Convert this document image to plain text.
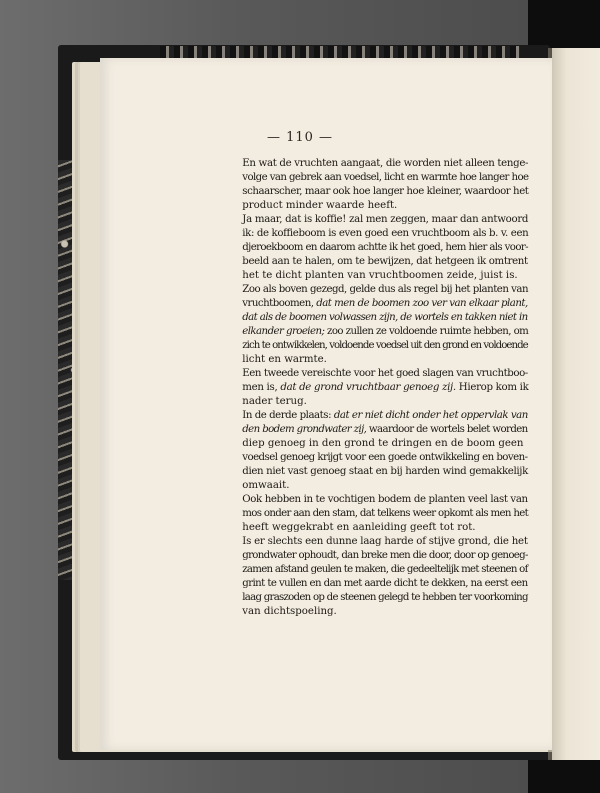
— 110 —

En wat de vruchten aangaat, die worden niet alleen tenge-
volge van gebrek aan voedsel, licht en warmte hoe langer hoe
schaarscher, maar ook hoe langer hoe kleiner, waardoor het
product minder waarde heeft.

Ja maar, dat is koffie! zal men zeggen, maar dan antwoord
ik: de koffieboom is even goed een vruchtboom als b. v. een
djeroekboom en daarom achtte ik het goed, hem hier als voor-
beeld aan te halen, om te bewijzen, dat hetgeen ik omtrent
het te dicht planten van vruchtboomen zeide, juist is.

Zoo als boven gezegd, gelde dus als regel bij het planten van
vruchtboomen, dat men de boomen zoo ver van elkaar plant,
dat als de boomen volwassen zijn, de wortels en takken niet in
elkander groeien; zoo zullen ze voldoende ruimte hebben, om
zich te ontwikkelen, voldoende voedsel uit den grond en voldoende
licht en warmte.

Een tweede vereischte voor het goed slagen van vruchtboo-
men is, dat de grond vruchtbaar genoeg zij. Hierop kom ik
nader terug.

In de derde plaats: dat er niet dicht onder het oppervlak van
den bodem grondwater zij, waardoor de wortels belet worden
diep genoeg in den grond te dringen en de boom geen
voedsel genoeg krijgt voor een goede ontwikkeling en boven-
dien niet vast genoeg staat en bij harden wind gemakkelijk
omwaait.

Ook hebben in te vochtigen bodem de planten veel last van
mos onder aan den stam, dat telkens weer opkomt als men het
heeft weggekrabt en aanleiding geeft tot rot.

Is er slechts een dunne laag harde of stijve grond, die het
grondwater ophoudt, dan breke men die door, door op genoeg-
zamen afstand geulen te maken, die gedeeltelijk met steenen of
grint te vullen en dan met aarde dicht te dekken, na eerst een
laag graszoden op de steenen gelegd te hebben ter voorkoming
van dichtspoeling.
